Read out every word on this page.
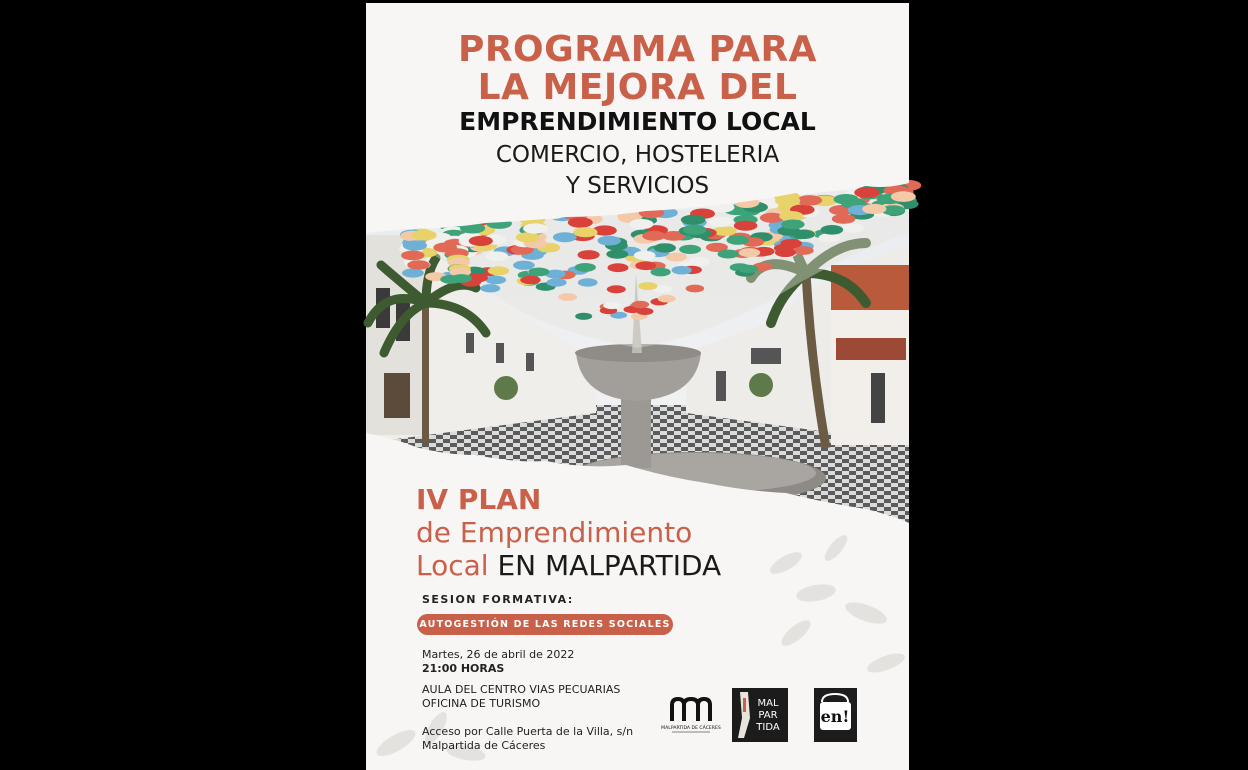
PROGRAMA PARA
LA MEJORA DEL
EMPRENDIMIENTO LOCAL
COMERCIO, HOSTELERIA
Y SERVICIOS
IV PLAN
de Emprendimiento
Local EN MALPARTIDA
SESION FORMATIVA:
AUTOGESTIÓN DE LAS REDES SOCIALES
Martes, 26 de abril de 2022
21:00 HORAS
AULA DEL CENTRO VIAS PECUARIAS
OFICINA DE TURISMO
Acceso por Calle Puerta de la Villa, s/n
Malpartida de Cáceres
MALPARTIDA DE CÁCERES
MAL
PAR
TIDA
en!
